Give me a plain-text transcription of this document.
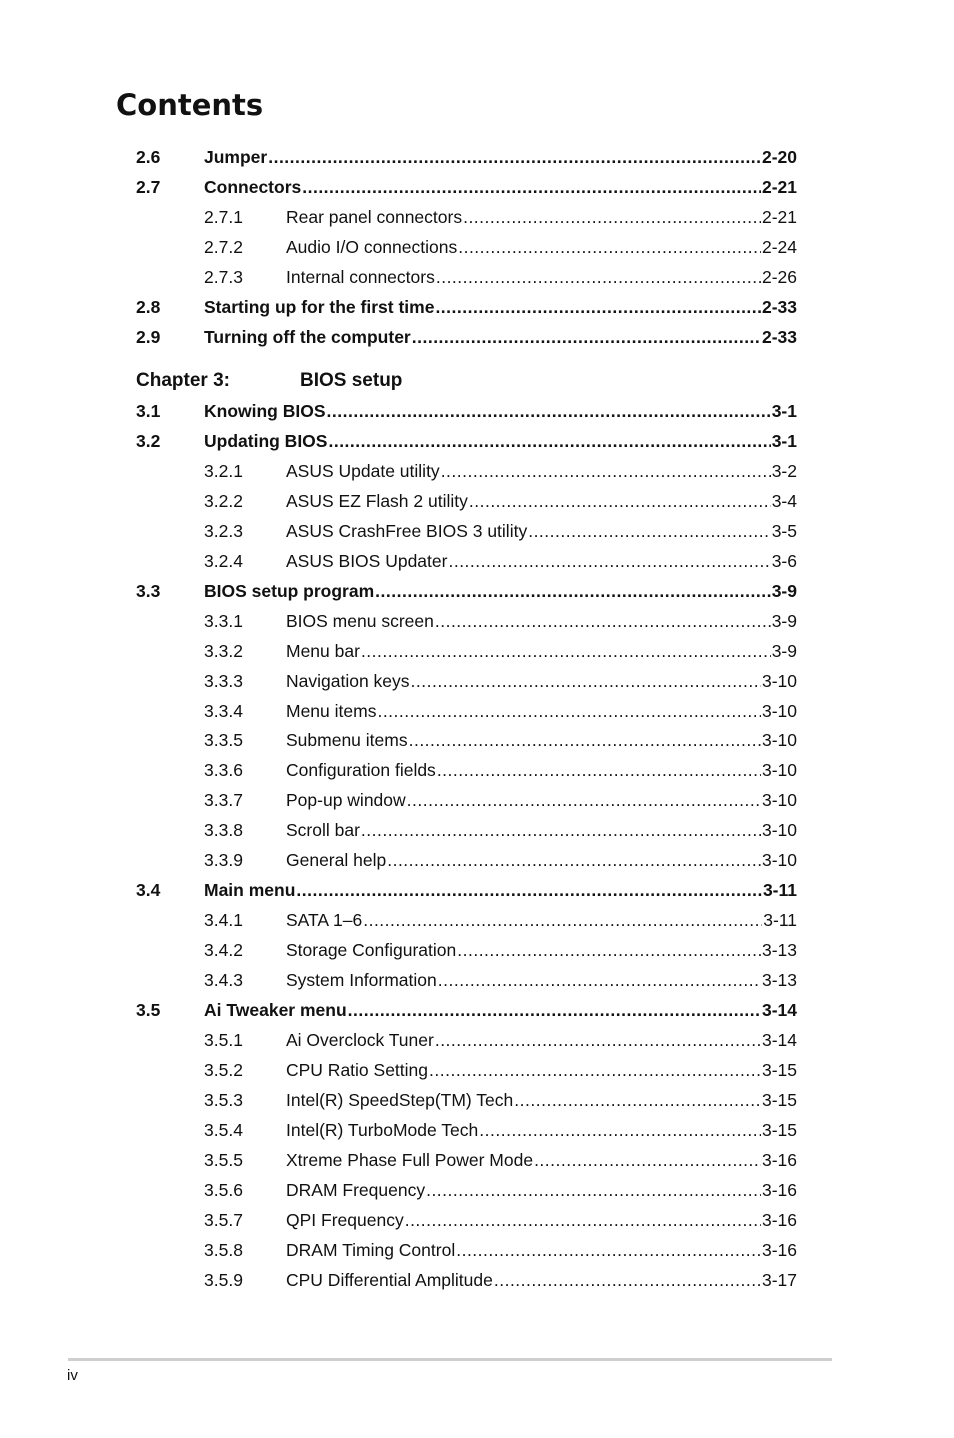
Contents
2.6 Jumper .....	2-20
2.7 Connectors .....	2-21
2.7.1 Rear panel connectors .....	2-21
2.7.2 Audio I/O connections .....	2-24
2.7.3 Internal connectors .....	2-26
2.8 Starting up for the first time .....	2-33
2.9 Turning off the computer .....	2-33
3.1 Knowing BIOS .....	3-1
3.2 Updating BIOS .....	3-1
3.2.1 ASUS Update utility .....	3-2
3.2.2 ASUS EZ Flash 2 utility .....	3-4
3.2.3 ASUS CrashFree BIOS 3 utility .....	3-5
3.2.4 ASUS BIOS Updater .....	3-6
3.3 BIOS setup program .....	3-9
3.3.1 BIOS menu screen .....	3-9
3.3.2 Menu bar .....	3-9
3.3.3 Navigation keys .....	3-10
3.3.4 Menu items .....	3-10
3.3.5 Submenu items .....	3-10
3.3.6 Configuration fields .....	3-10
3.3.7 Pop-up window .....	3-10
3.3.8 Scroll bar .....	3-10
3.3.9 General help .....	3-10
3.4 Main menu .....	3-11
3.4.1 SATA 1–6 .....	3-11
3.4.2 Storage Configuration .....	3-13
3.4.3 System Information .....	3-13
3.5 Ai Tweaker menu .....	3-14
3.5.1 Ai Overclock Tuner .....	3-14
3.5.2 CPU Ratio Setting .....	3-15
3.5.3 Intel(R) SpeedStep(TM) Tech .....	3-15
3.5.4 Intel(R) TurboMode Tech .....	3-15
3.5.5 Xtreme Phase Full Power Mode .....	3-16
3.5.6 DRAM Frequency .....	3-16
3.5.7 QPI Frequency .....	3-16
3.5.8 DRAM Timing Control .....	3-16
3.5.9 CPU Differential Amplitude .....	3-17
Chapter 3:	BIOS setup
iv
